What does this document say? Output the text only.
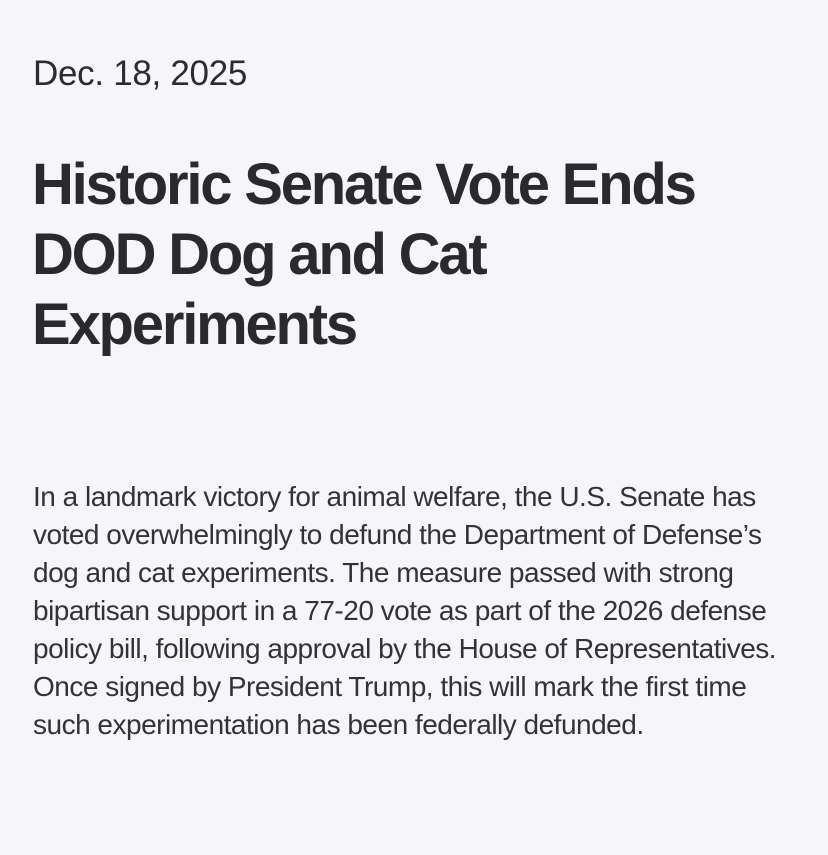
Dec. 18, 2025

Historic Senate Vote Ends DOD Dog and Cat Experiments

In a landmark victory for animal welfare, the U.S. Senate has voted overwhelmingly to defund the Department of Defense’s dog and cat experiments. The measure passed with strong bipartisan support in a 77-20 vote as part of the 2026 defense policy bill, following approval by the House of Representatives. Once signed by President Trump, this will mark the first time such experimentation has been federally defunded.
